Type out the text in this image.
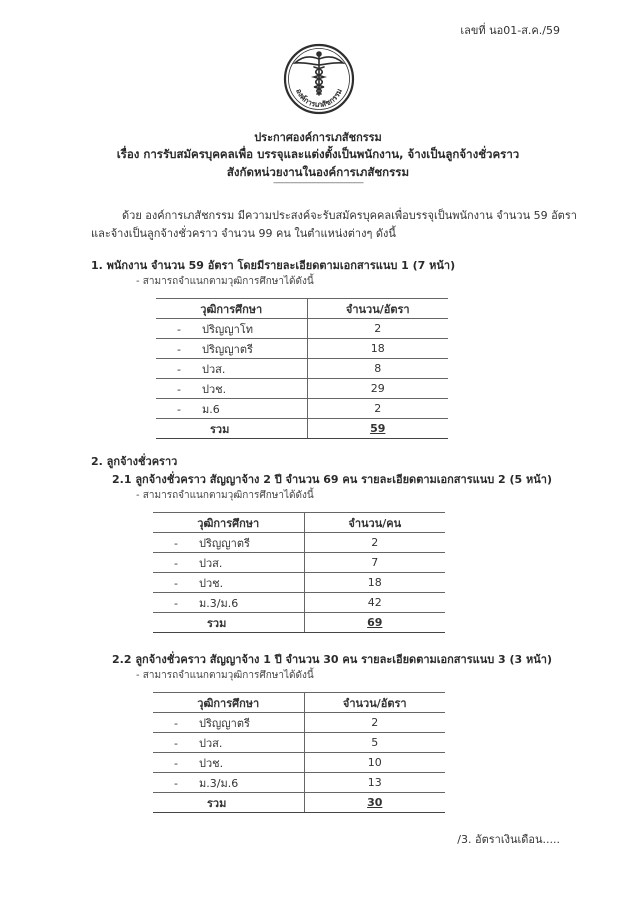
เลขที่ นอ01-ส.ค./59
องค์การเภสัชกรรม
ประกาศองค์การเภสัชกรรม
เรื่อง การรับสมัครบุคคลเพื่อ บรรจุและแต่งตั้งเป็นพนักงาน, จ้างเป็นลูกจ้างชั่วคราว
สังกัดหน่วยงานในองค์การเภสัชกรรม
----------------------------------------
ด้วย องค์การเภสัชกรรม มีความประสงค์จะรับสมัครบุคคลเพื่อบรรจุเป็นพนักงาน จำนวน 59 อัตรา
และจ้างเป็นลูกจ้างชั่วคราว จำนวน 99 คน ในตำแหน่งต่างๆ ดังนี้
1. พนักงาน จำนวน 59 อัตรา โดยมีรายละเอียดตามเอกสารแนบ 1 (7 หน้า)
- สามารถจำแนกตามวุฒิการศึกษาได้ดังนี้
วุฒิการศึกษา	จำนวน/อัตรา
- ปริญญาโท	2
- ปริญญาตรี	18
- ปวส.	8
- ปวช.	29
- ม.6	2
รวม	59
2. ลูกจ้างชั่วคราว
2.1 ลูกจ้างชั่วคราว สัญญาจ้าง 2 ปี จำนวน 69 คน รายละเอียดตามเอกสารแนบ 2 (5 หน้า)
- สามารถจำแนกตามวุฒิการศึกษาได้ดังนี้
วุฒิการศึกษา	จำนวน/คน
- ปริญญาตรี	2
- ปวส.	7
- ปวช.	18
- ม.3/ม.6	42
รวม	69
2.2 ลูกจ้างชั่วคราว สัญญาจ้าง 1 ปี จำนวน 30 คน รายละเอียดตามเอกสารแนบ 3 (3 หน้า)
- สามารถจำแนกตามวุฒิการศึกษาได้ดังนี้
วุฒิการศึกษา	จำนวน/อัตรา
- ปริญญาตรี	2
- ปวส.	5
- ปวช.	10
- ม.3/ม.6	13
รวม	30
/3. อัตราเงินเดือน.....
